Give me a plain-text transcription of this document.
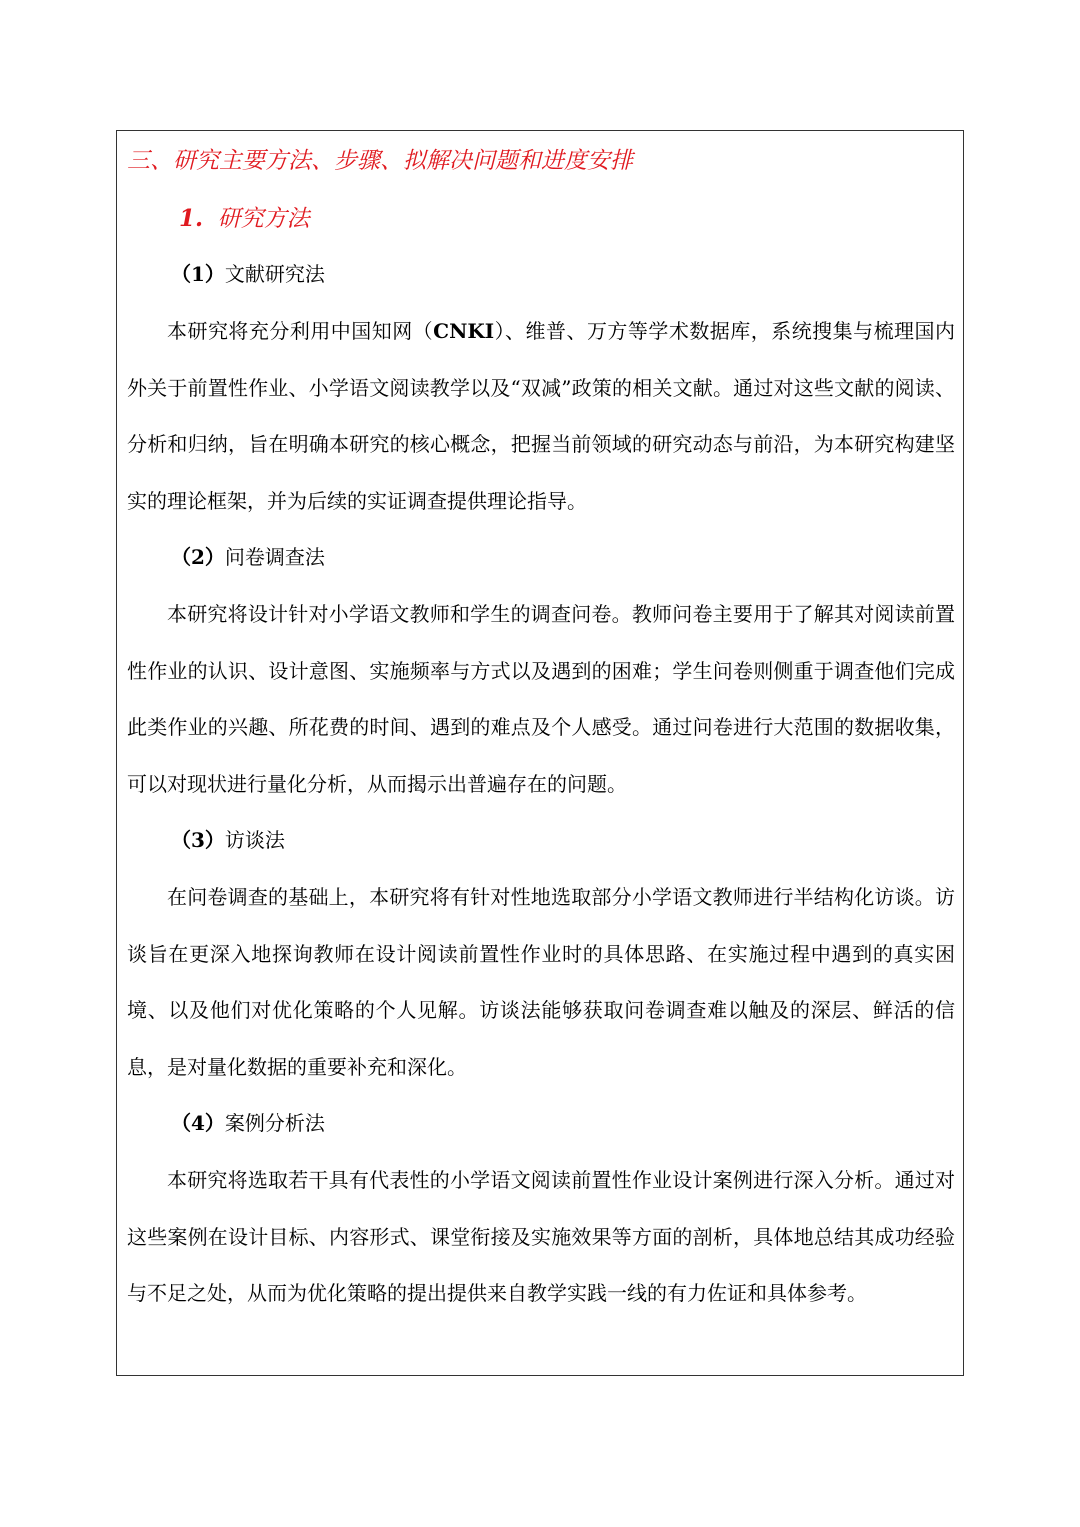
三、研究主要方法、步骤、拟解决问题和进度安排
1. 研究方法

（1）文献研究法

本研究将充分利用中国知网（CNKI）、维普、万方等学术数据库，系统搜集与梳理国内外关于前置性作业、小学语文阅读教学以及“双减”政策的相关文献。通过对这些文献的阅读、分析和归纳，旨在明确本研究的核心概念，把握当前领域的研究动态与前沿，为本研究构建坚实的理论框架，并为后续的实证调查提供理论指导。

（2）问卷调查法

本研究将设计针对小学语文教师和学生的调查问卷。教师问卷主要用于了解其对阅读前置性作业的认识、设计意图、实施频率与方式以及遇到的困难；学生问卷则侧重于调查他们完成此类作业的兴趣、所花费的时间、遇到的难点及个人感受。通过问卷进行大范围的数据收集，可以对现状进行量化分析，从而揭示出普遍存在的问题。

（3）访谈法

在问卷调查的基础上，本研究将有针对性地选取部分小学语文教师进行半结构化访谈。访谈旨在更深入地探询教师在设计阅读前置性作业时的具体思路、在实施过程中遇到的真实困境、以及他们对优化策略的个人见解。访谈法能够获取问卷调查难以触及的深层、鲜活的信息，是对量化数据的重要补充和深化。

（4）案例分析法

本研究将选取若干具有代表性的小学语文阅读前置性作业设计案例进行深入分析。通过对这些案例在设计目标、内容形式、课堂衔接及实施效果等方面的剖析，具体地总结其成功经验与不足之处，从而为优化策略的提出提供来自教学实践一线的有力佐证和具体参考。
